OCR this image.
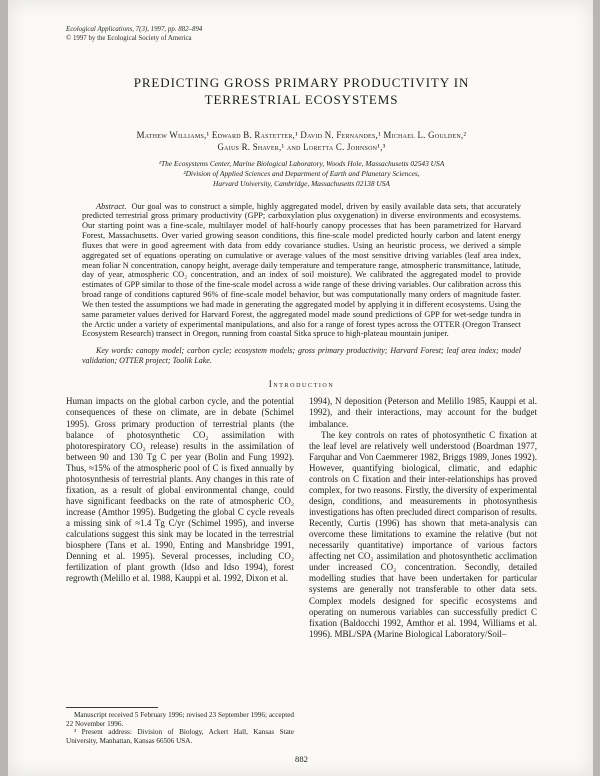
Ecological Applications, 7(3), 1997, pp. 882–894
© 1997 by the Ecological Society of America
PREDICTING GROSS PRIMARY PRODUCTIVITY IN TERRESTRIAL ECOSYSTEMS
Mathew Williams,¹ Edward B. Rastetter,¹ David N. Fernandes,¹ Michael L. Goulden,²
Gaius R. Shaver,¹ and Loretta C. Johnson¹,³
¹The Ecosystems Center, Marine Biological Laboratory, Woods Hole, Massachusetts 02543 USA
²Division of Applied Sciences and Department of Earth and Planetary Sciences,
Harvard University, Cambridge, Massachusetts 02138 USA

Abstract. Our goal was to construct a simple, highly aggregated model, driven by easily available data sets, that accurately predicted terrestrial gross primary productivity (GPP; carboxylation plus oxygenation) in diverse environments and ecosystems. Our starting point was a fine-scale, multilayer model of half-hourly canopy processes that has been parametrized for Harvard Forest, Massachusetts. Over varied growing season conditions, this fine-scale model predicted hourly carbon and latent energy fluxes that were in good agreement with data from eddy covariance studies. Using an heuristic process, we derived a simple aggregated set of equations operating on cumulative or average values of the most sensitive driving variables (leaf area index, mean foliar N concentration, canopy height, average daily temperature and temperature range, atmospheric transmittance, latitude, day of year, atmospheric CO₂ concentration, and an index of soil moisture). We calibrated the aggregated model to provide estimates of GPP similar to those of the fine-scale model across a wide range of these driving variables. Our calibration across this broad range of conditions captured 96% of fine-scale model behavior, but was computationally many orders of magnitude faster. We then tested the assumptions we had made in generating the aggregated model by applying it in different ecosystems. Using the same parameter values derived for Harvard Forest, the aggregated model made sound predictions of GPP for wet-sedge tundra in the Arctic under a variety of experimental manipulations, and also for a range of forest types across the OTTER (Oregon Transect Ecosystem Research) transect in Oregon, running from coastal Sitka spruce to high-plateau mountain juniper.

Key words: canopy model; carbon cycle; ecosystem models; gross primary productivity; Harvard Forest; leaf area index; model validation; OTTER project; Toolik Lake.

Introduction

Human impacts on the global carbon cycle, and the potential consequences of these on climate, are in debate (Schimel 1995). Gross primary production of terrestrial plants (the balance of photosynthetic CO₂ assimilation with photorespiratory CO₂ release) results in the assimilation of between 90 and 130 Tg C per year (Bolin and Fung 1992). Thus, ≈15% of the atmospheric pool of C is fixed annually by photosynthesis of terrestrial plants. Any changes in this rate of fixation, as a result of global environmental change, could have significant feedbacks on the rate of atmospheric CO₂ increase (Amthor 1995). Budgeting the global C cycle reveals a missing sink of ≈1.4 Tg C/yr (Schimel 1995), and inverse calculations suggest this sink may be located in the terrestrial biosphere (Tans et al. 1990, Enting and Mansbridge 1991, Denning et al. 1995). Several processes, including CO₂ fertilization of plant growth (Idso and Idso 1994), forest regrowth (Melillo et al. 1988, Kauppi et al. 1992, Dixon et al.

Manuscript received 5 February 1996; revised 23 September 1996; accepted 22 November 1996.

³ Present address: Division of Biology, Ackert Hall, Kansas State University, Manhattan, Kansas 66506 USA.

1994), N deposition (Peterson and Melillo 1985, Kauppi et al. 1992), and their interactions, may account for the budget imbalance.

The key controls on rates of photosynthetic C fixation at the leaf level are relatively well understood (Boardman 1977, Farquhar and Von Caemmerer 1982, Briggs 1989, Jones 1992). However, quantifying biological, climatic, and edaphic controls on C fixation and their inter-relationships has proved complex, for two reasons. Firstly, the diversity of experimental design, conditions, and measurements in photosynthesis investigations has often precluded direct comparison of results. Recently, Curtis (1996) has shown that meta-analysis can overcome these limitations to examine the relative (but not necessarily quantitative) importance of various factors affecting net CO₂ assimilation and photosynthetic acclimation under increased CO₂ concentration. Secondly, detailed modelling studies that have been undertaken for particular systems are generally not transferable to other data sets. Complex models designed for specific ecosystems and operating on numerous variables can successfully predict C fixation (Baldocchi 1992, Amthor et al. 1994, Williams et al. 1996). MBL/SPA (Marine Biological Laboratory/Soil–

882
